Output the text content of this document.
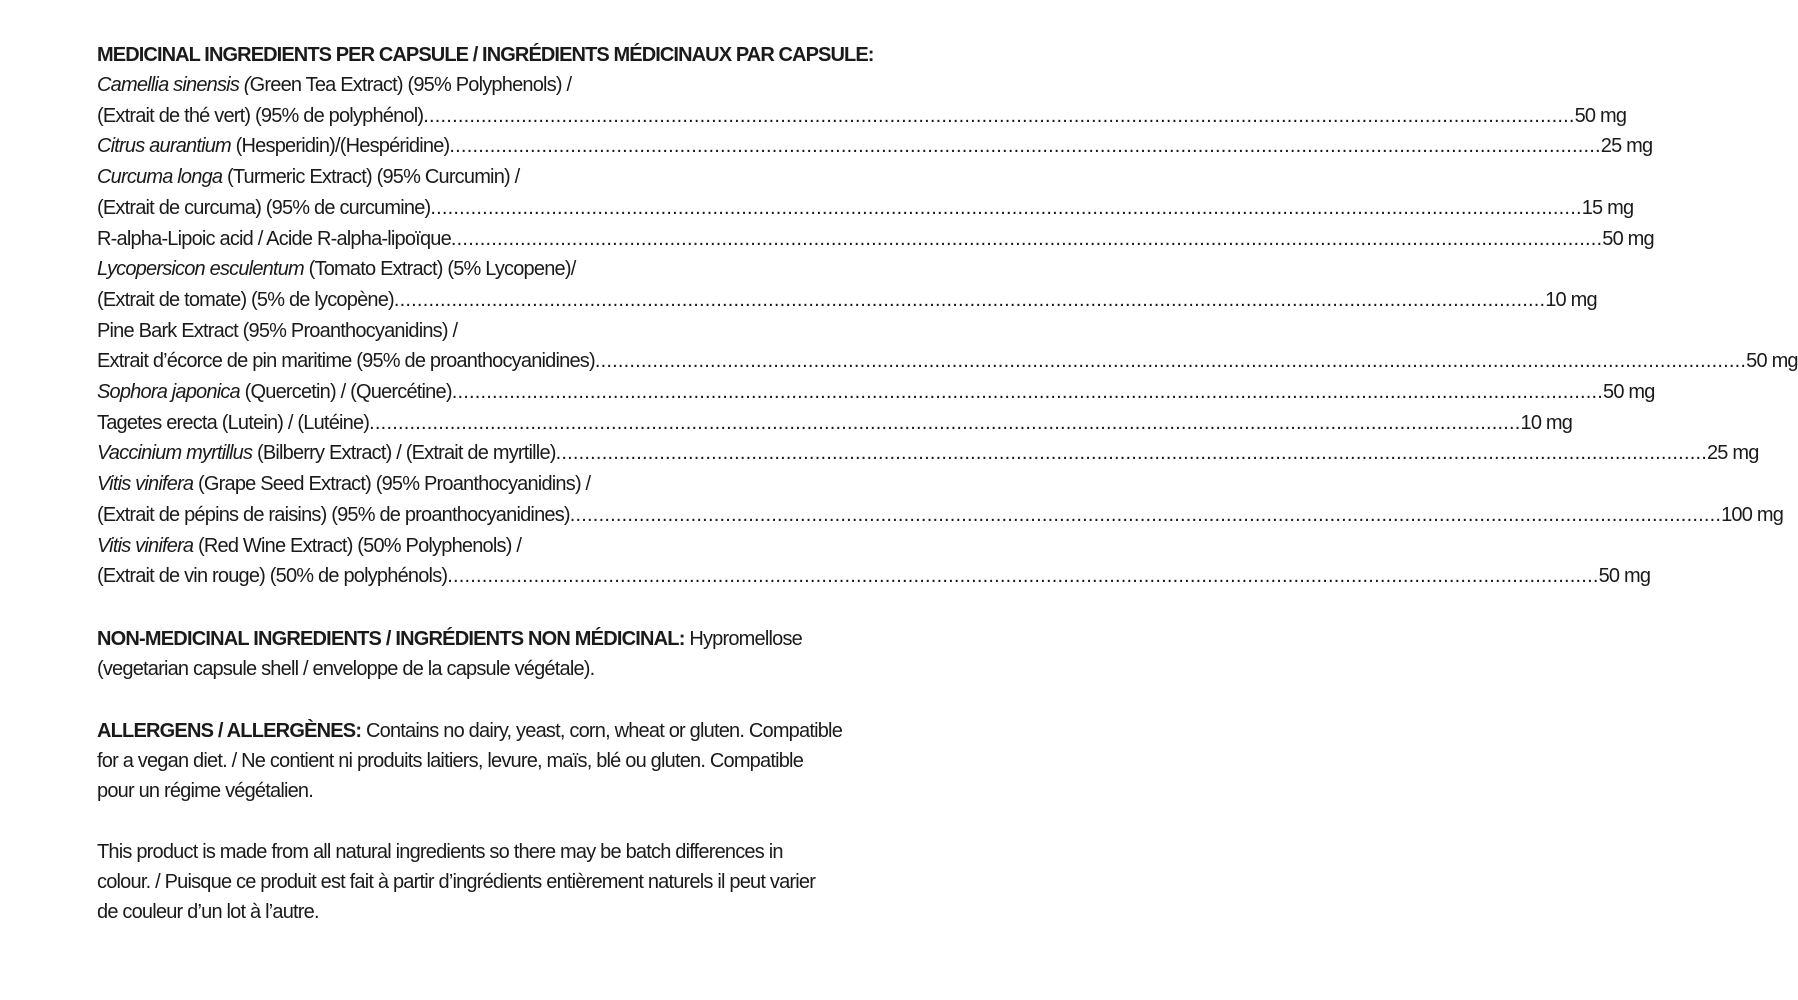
MEDICINAL INGREDIENTS PER CAPSULE / INGRÉDIENTS MÉDICINAUX PAR CAPSULE:
Camellia sinensis (Green Tea Extract) (95% Polyphenols) /
(Extrait de thé vert) (95% de polyphénol) ........................................................................................................................................................................................................ 50 mg
Citrus aurantium (Hesperidin)/(Hespéridine) ........................................................................................................................................................................................................ 25 mg
Curcuma longa (Turmeric Extract) (95% Curcumin) /
(Extrait de curcuma) (95% de curcumine) ........................................................................................................................................................................................................ 15 mg
R-alpha-Lipoic acid / Acide R-alpha-lipoïque ........................................................................................................................................................................................................ 50 mg
Lycopersicon esculentum (Tomato Extract) (5% Lycopene)/
(Extrait de tomate) (5% de lycopène) ........................................................................................................................................................................................................ 10 mg
Pine Bark Extract (95% Proanthocyanidins) /
Extrait d’écorce de pin maritime (95% de proanthocyanidines) ........................................................................................................................................................................................................ 50 mg
Sophora japonica (Quercetin) / (Quercétine) ........................................................................................................................................................................................................ 50 mg
Tagetes erecta (Lutein) / (Lutéine) ........................................................................................................................................................................................................ 10 mg
Vaccinium myrtillus (Bilberry Extract) / (Extrait de myrtille) ........................................................................................................................................................................................................ 25 mg
Vitis vinifera (Grape Seed Extract) (95% Proanthocyanidins) /
(Extrait de pépins de raisins) (95% de proanthocyanidines) ........................................................................................................................................................................................................ 100 mg
Vitis vinifera (Red Wine Extract) (50% Polyphenols) /
(Extrait de vin rouge) (50% de polyphénols) ........................................................................................................................................................................................................ 50 mg
NON-MEDICINAL INGREDIENTS / INGRÉDIENTS NON MÉDICINAL: Hypromellose
(vegetarian capsule shell / enveloppe de la capsule végétale).
ALLERGENS / ALLERGÈNES: Contains no dairy, yeast, corn, wheat or gluten. Compatible
for a vegan diet. / Ne contient ni produits laitiers, levure, maïs, blé ou gluten. Compatible
pour un régime végétalien.
This product is made from all natural ingredients so there may be batch differences in
colour. / Puisque ce produit est fait à partir d’ingrédients entièrement naturels il peut varier
de couleur d’un lot à l’autre.
